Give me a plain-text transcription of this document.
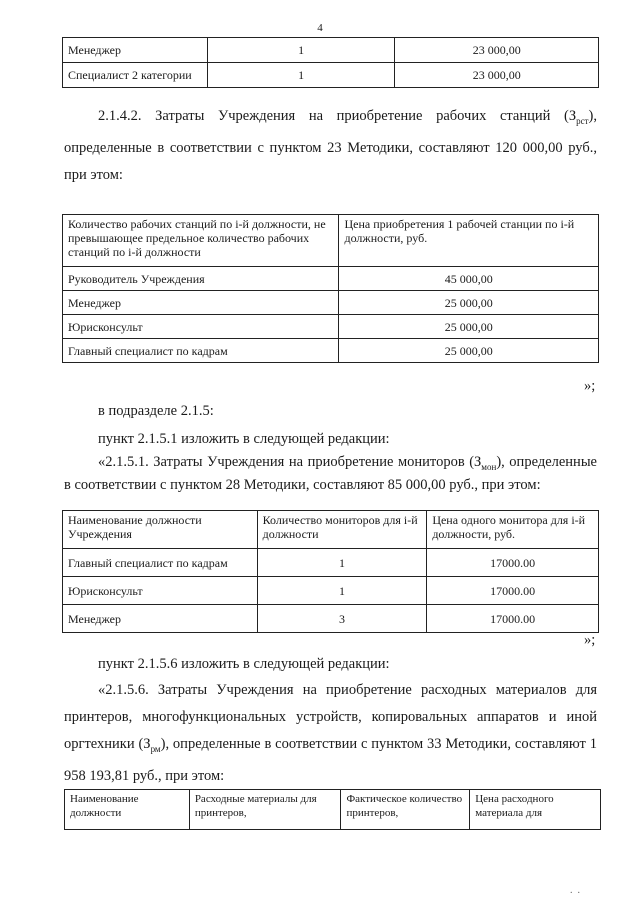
4
Менеджер	1	23 000,00
Специалист 2 категории	1	23 000,00
2.1.4.2. Затраты Учреждения на приобретение рабочих станций $(З_{рст})$, определенные в соответствии с пунктом 23 Методики, составляют 120 000,00 руб., при этом:
Количество рабочих станций по i-й должности, не превышающее предельное количество рабочих станций по i-й должности	Цена приобретения 1 рабочей станции по i-й должности, руб.
Руководитель Учреждения	45 000,00
Менеджер	25 000,00
Юрисконсульт	25 000,00
Главный специалист по кадрам	25 000,00
»;
в подразделе 2.1.5:
пункт 2.1.5.1 изложить в следующей редакции:
«2.1.5.1. Затраты Учреждения на приобретение мониторов $(З_{мон})$, определенные в соответствии с пунктом 28 Методики, составляют 85 000,00 руб., при этом:
Наименование должности Учреждения	Количество мониторов для i-й должности	Цена одного монитора для i-й должности, руб.
Главный специалист по кадрам	1	17000.00
Юрисконсульт	1	17000.00
Менеджер	3	17000.00
»;
пункт 2.1.5.6 изложить в следующей редакции:
«2.1.5.6. Затраты Учреждения на приобретение расходных материалов для принтеров, многофункциональных устройств, копировальных аппаратов и иной оргтехники $(З_{рм})$, определенные в соответствии с пунктом 33 Методики, составляют 1 958 193,81 руб., при этом:
Наименование должности	Расходные материалы для принтеров,	Фактическое количество принтеров,	Цена расходного материала для
.  .
